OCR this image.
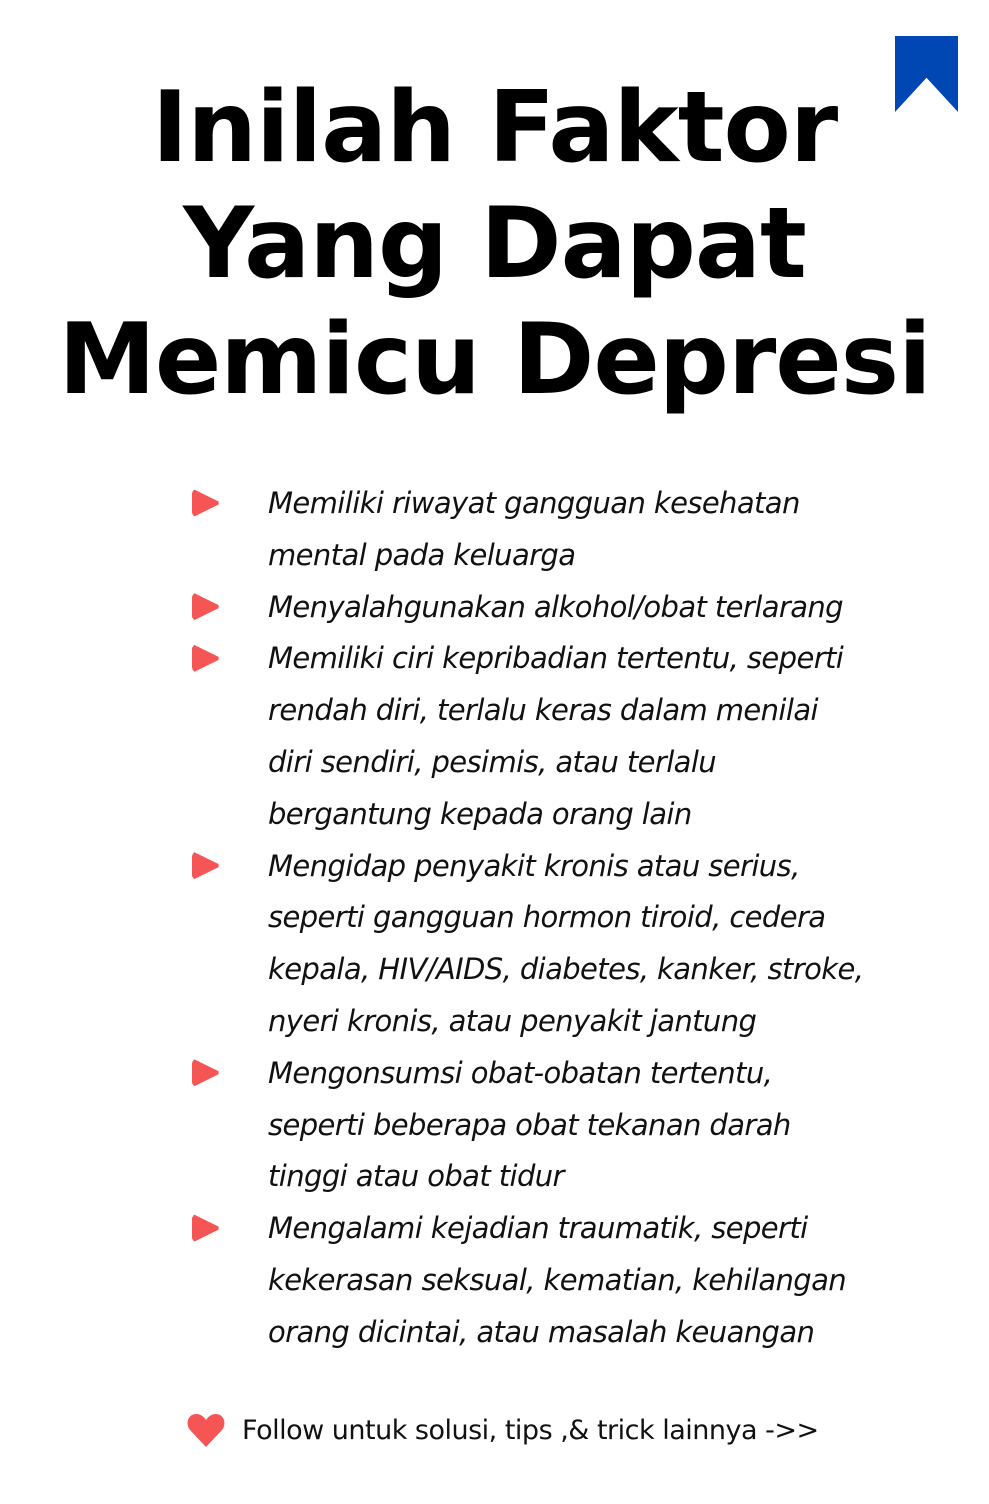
Inilah Faktor
Yang Dapat
Memicu Depresi
Memiliki riwayat gangguan kesehatan
mental pada keluarga
Menyalahgunakan alkohol/obat terlarang
Memiliki ciri kepribadian tertentu, seperti
rendah diri, terlalu keras dalam menilai
diri sendiri, pesimis, atau terlalu
bergantung kepada orang lain
Mengidap penyakit kronis atau serius,
seperti gangguan hormon tiroid, cedera
kepala, HIV/AIDS, diabetes, kanker, stroke,
nyeri kronis, atau penyakit jantung
Mengonsumsi obat-obatan tertentu,
seperti beberapa obat tekanan darah
tinggi atau obat tidur
Mengalami kejadian traumatik, seperti
kekerasan seksual, kematian, kehilangan
orang dicintai, atau masalah keuangan
Follow untuk solusi, tips ,& trick lainnya ->>
